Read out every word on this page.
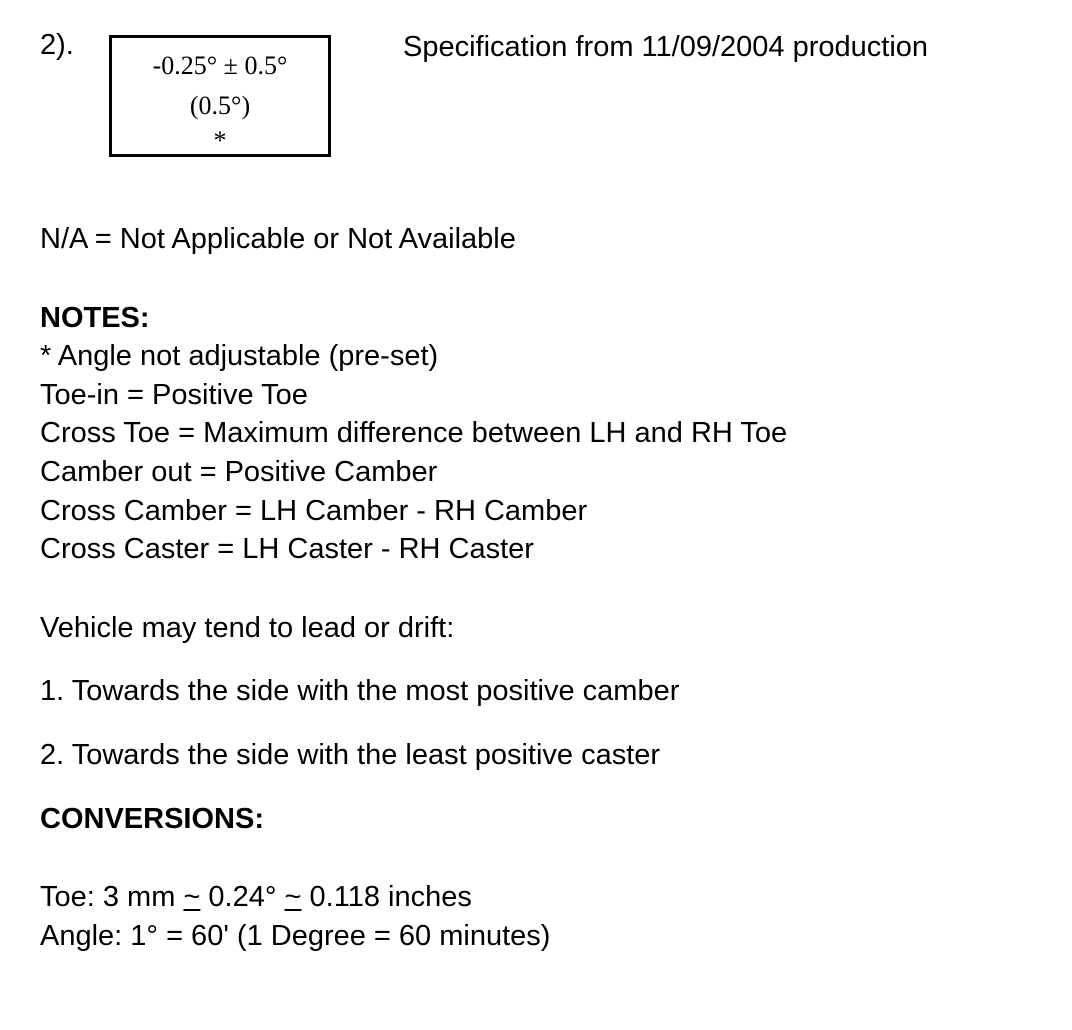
2).
-0.25° ± 0.5°
(0.5°)
*
Specification from 11/09/2004 production
N/A = Not Applicable or Not Available
NOTES:
* Angle not adjustable (pre-set)
Toe-in = Positive Toe
Cross Toe = Maximum difference between LH and RH Toe
Camber out = Positive Camber
Cross Camber = LH Camber - RH Camber
Cross Caster = LH Caster - RH Caster
Vehicle may tend to lead or drift:
1. Towards the side with the most positive camber
2. Towards the side with the least positive caster
CONVERSIONS:
Toe: 3 mm ~ 0.24° ~ 0.118 inches
Angle: 1° = 60' (1 Degree = 60 minutes)
